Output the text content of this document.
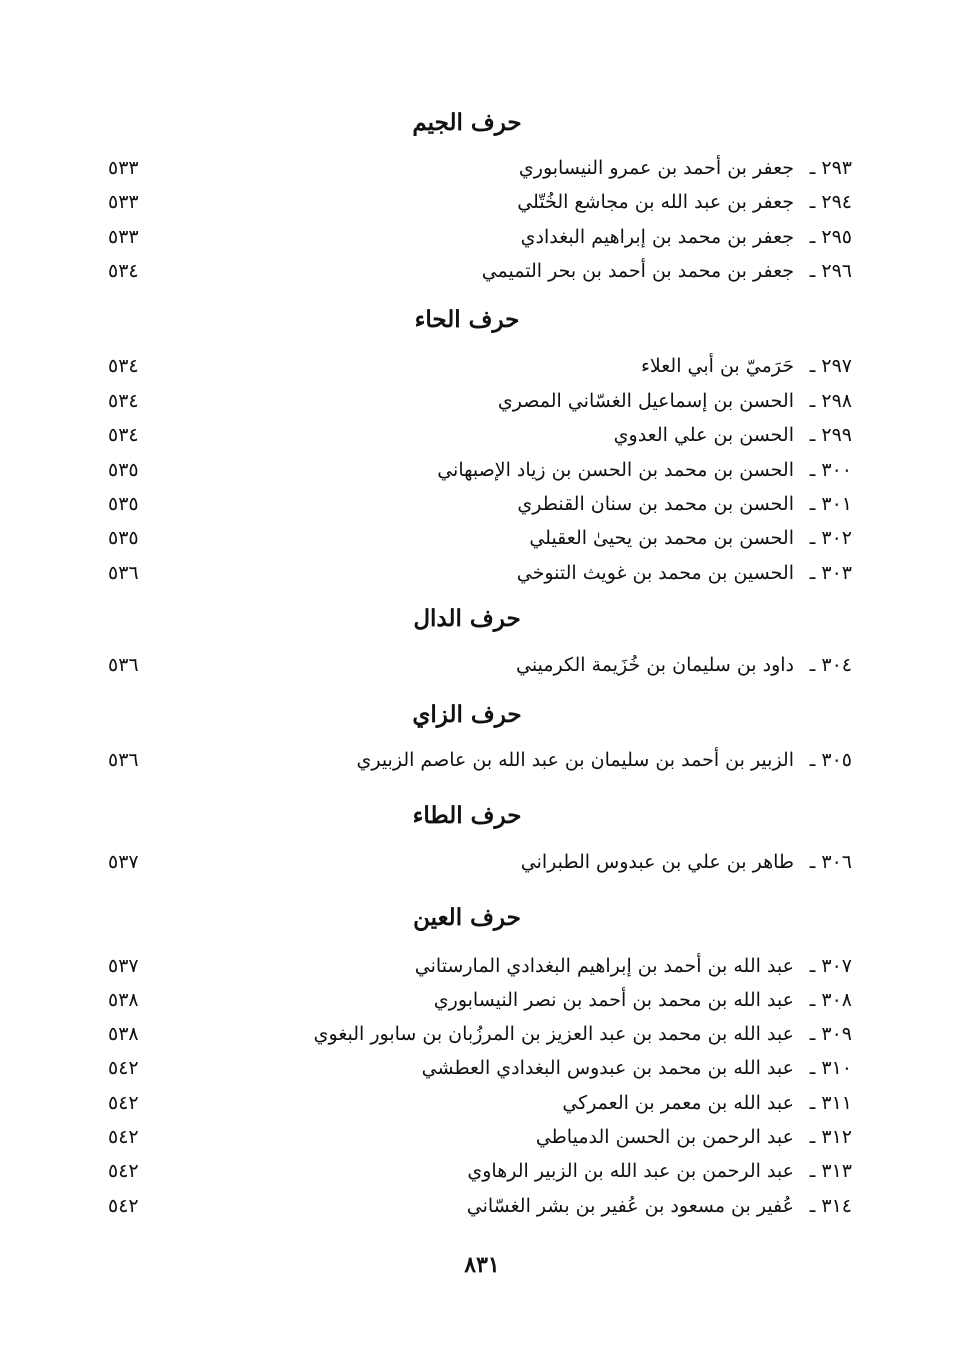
حرف الجيم
٢٩٣ ـ
جعفر بن أحمد بن عمرو النيسابوري
٥٣٣
٢٩٤ ـ
جعفر بن عبد الله بن مجاشع الخُتّلي
٥٣٣
٢٩٥ ـ
جعفر بن محمد بن إبراهيم البغدادي
٥٣٣
٢٩٦ ـ
جعفر بن محمد بن أحمد بن بحر التميمي
٥٣٤
حرف الحاء
٢٩٧ ـ
حَرَميّ بن أبي العلاء
٥٣٤
٢٩٨ ـ
الحسن بن إسماعيل الغسّاني المصري
٥٣٤
٢٩٩ ـ
الحسن بن علي العدوي
٥٣٤
٣٠٠ ـ
الحسن بن محمد بن الحسن بن زياد الإصبهاني
٥٣٥
٣٠١ ـ
الحسن بن محمد بن سنان القنطري
٥٣٥
٣٠٢ ـ
الحسن بن محمد بن يحيىٰ العقيلي
٥٣٥
٣٠٣ ـ
الحسين بن محمد بن غويث التنوخي
٥٣٦
حرف الدال
٣٠٤ ـ
داود بن سليمان بن خُزَيمة الكرميني
٥٣٦
حرف الزاي
٣٠٥ ـ
الزبير بن أحمد بن سليمان بن عبد الله بن عاصم الزبيري
٥٣٦
حرف الطاء
٣٠٦ ـ
طاهر بن علي بن عبدوس الطبراني
٥٣٧
حرف العين
٣٠٧ ـ
عبد الله بن أحمد بن إبراهيم البغدادي المارستاني
٥٣٧
٣٠٨ ـ
عبد الله بن محمد بن أحمد بن نصر النيسابوري
٥٣٨
٣٠٩ ـ
عبد الله بن محمد بن عبد العزيز بن المرزُبان بن سابور البغوي
٥٣٨
٣١٠ ـ
عبد الله بن محمد بن عبدوس البغدادي العطشي
٥٤٢
٣١١ ـ
عبد الله بن معمر بن العمركي
٥٤٢
٣١٢ ـ
عبد الرحمن بن الحسن الدمياطي
٥٤٢
٣١٣ ـ
عبد الرحمن بن عبد الله بن الزبير الرهاوي
٥٤٢
٣١٤ ـ
عُفير بن مسعود بن عُفير بن بشر الغسّاني
٥٤٢
٨٣١
